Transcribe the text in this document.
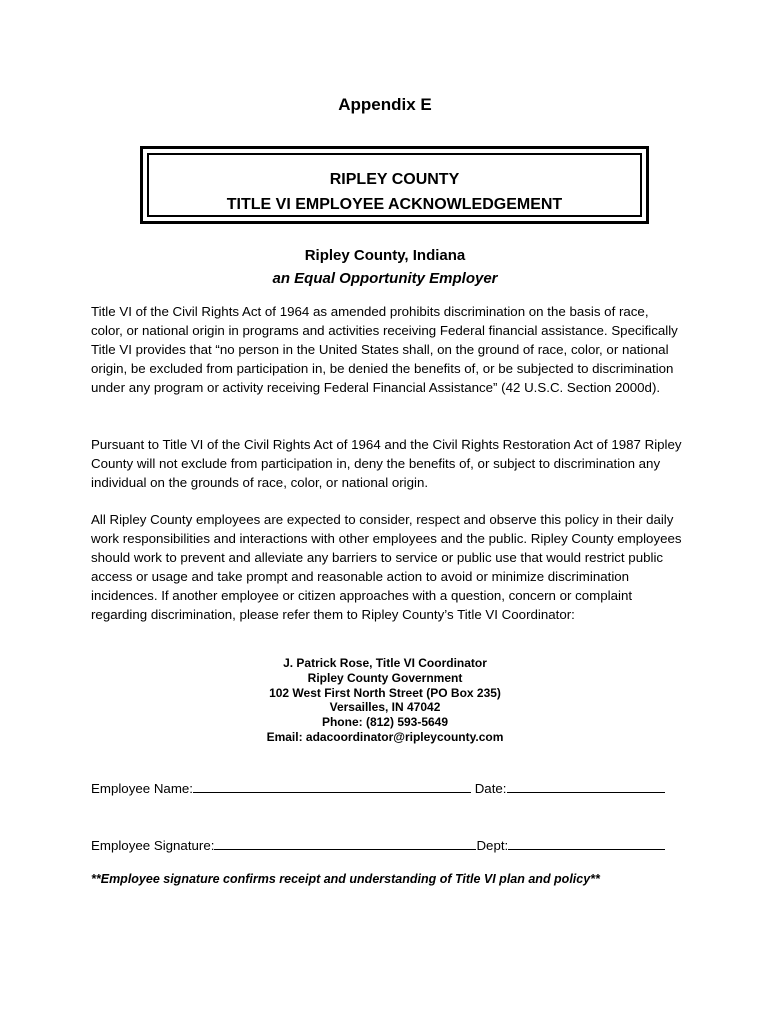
Appendix E
RIPLEY COUNTY
TITLE VI EMPLOYEE ACKNOWLEDGEMENT
Ripley County, Indiana
an Equal Opportunity Employer

Title VI of the Civil Rights Act of 1964 as amended prohibits discrimination on the basis of race, color, or national origin in programs and activities receiving Federal financial assistance. Specifically Title VI provides that “no person in the United States shall, on the ground of race, color, or national origin, be excluded from participation in, be denied the benefits of, or be subjected to discrimination under any program or activity receiving Federal Financial Assistance” (42 U.S.C. Section 2000d).

Pursuant to Title VI of the Civil Rights Act of 1964 and the Civil Rights Restoration Act of 1987 Ripley County will not exclude from participation in, deny the benefits of, or subject to discrimination any individual on the grounds of race, color, or national origin.

All Ripley County employees are expected to consider, respect and observe this policy in their daily work responsibilities and interactions with other employees and the public. Ripley County employees should work to prevent and alleviate any barriers to service or public use that would restrict public access or usage and take prompt and reasonable action to avoid or minimize discrimination incidences. If another employee or citizen approaches with a question, concern or complaint regarding discrimination, please refer them to Ripley County’s Title VI Coordinator:

J. Patrick Rose, Title VI Coordinator
Ripley County Government
102 West First North Street (PO Box 235)
Versailles, IN 47042
Phone: (812) 593-5649
Email: adacoordinator@ripleycounty.com
Employee Name:	Date:
Employee Signature:	Dept:
**Employee signature confirms receipt and understanding of Title VI plan and policy**
